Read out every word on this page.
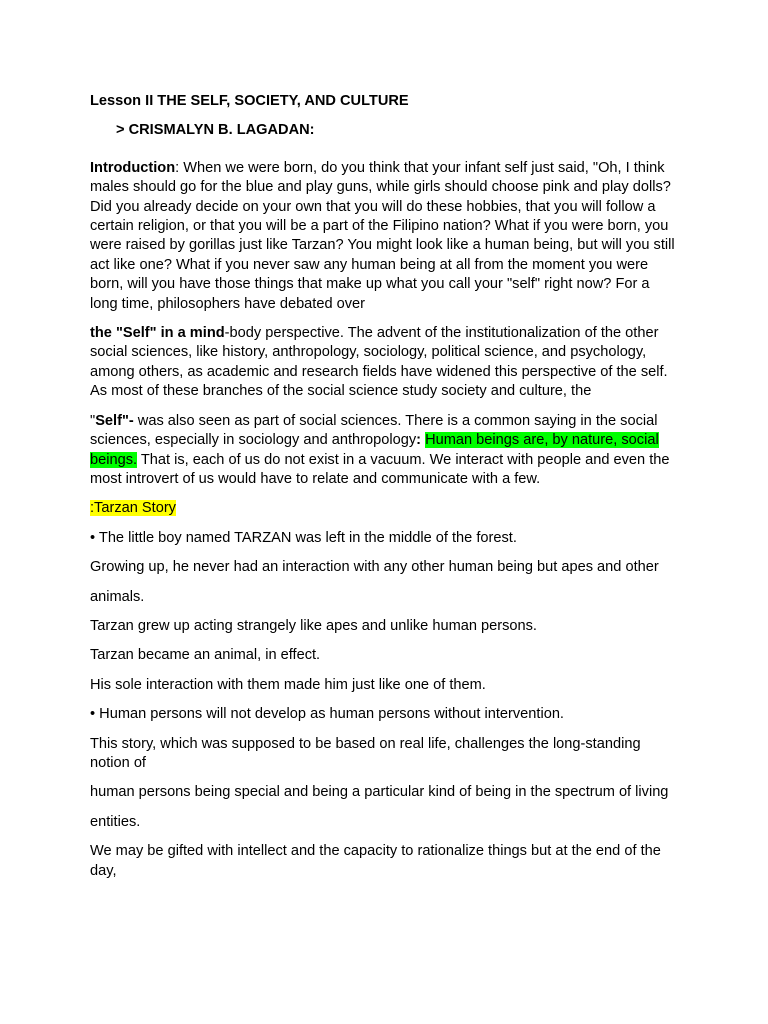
Lesson II THE SELF, SOCIETY, AND CULTURE

> CRISMALYN B. LAGADAN:

Introduction: When we were born, do you think that your infant self just said, "Oh, I think males should go for the blue and play guns, while girls should choose pink and play dolls? Did you already decide on your own that you will do these hobbies, that you will follow a certain religion, or that you will be a part of the Filipino nation? What if you were born, you were raised by gorillas just like Tarzan? You might look like a human being, but will you still act like one? What if you never saw any human being at all from the moment you were born, will you have those things that make up what you call your "self" right now? For a long time, philosophers have debated over

the "Self" in a mind-body perspective. The advent of the institutionalization of the other social sciences, like history, anthropology, sociology, political science, and psychology, among others, as academic and research fields have widened this perspective of the self. As most of these branches of the social science study society and culture, the

"Self"- was also seen as part of social sciences. There is a common saying in the social sciences, especially in sociology and anthropology: Human beings are, by nature, social beings. That is, each of us do not exist in a vacuum. We interact with people and even the most introvert of us would have to relate and communicate with a few.

:Tarzan Story

• The little boy named TARZAN was left in the middle of the forest.

Growing up, he never had an interaction with any other human being but apes and other

animals.

Tarzan grew up acting strangely like apes and unlike human persons.

Tarzan became an animal, in effect.

His sole interaction with them made him just like one of them.

• Human persons will not develop as human persons without intervention.

This story, which was supposed to be based on real life, challenges the long-standing notion of

human persons being special and being a particular kind of being in the spectrum of living

entities.

We may be gifted with intellect and the capacity to rationalize things but at the end of the day,
